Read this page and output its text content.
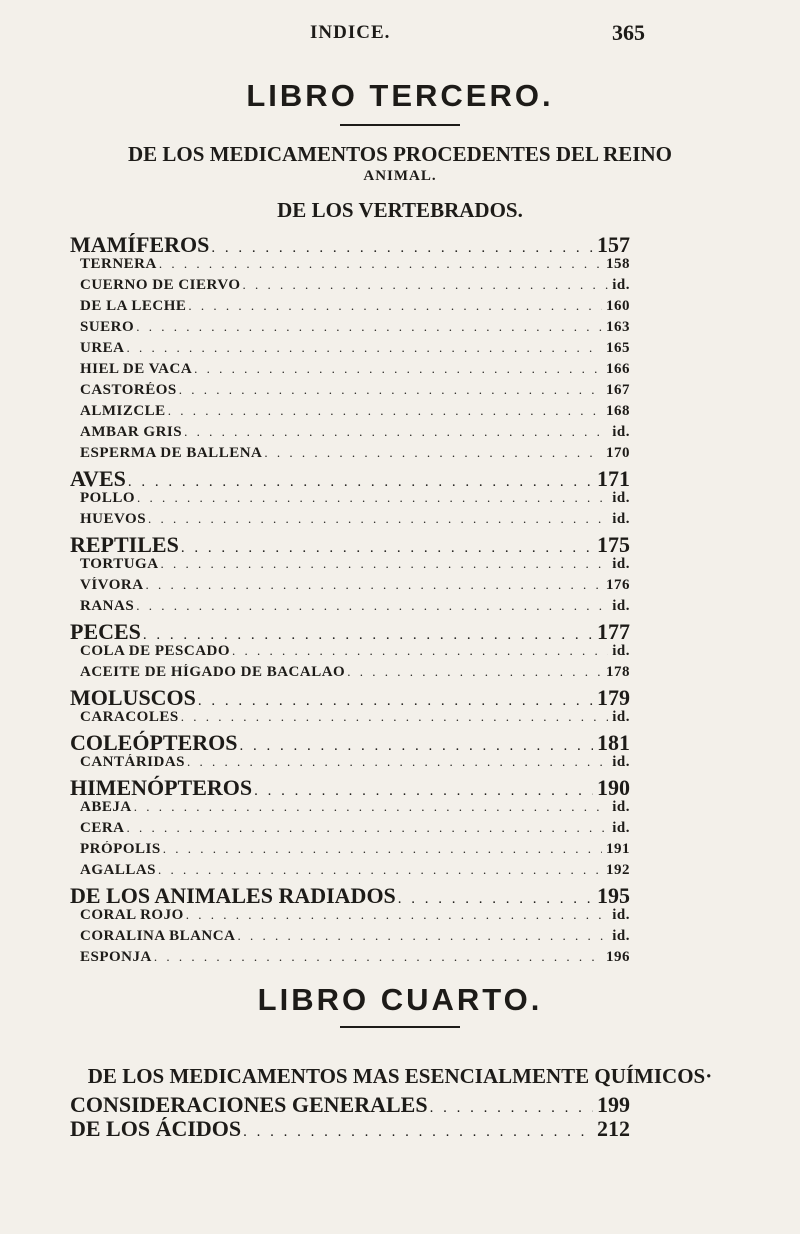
INDICE.	365
LIBRO TERCERO.
DE LOS MEDICAMENTOS PROCEDENTES DEL REINO
ANIMAL.
DE LOS VERTEBRADOS.
MAMÍFEROS . . .	157
TERNERA . . .	158
CUERNO DE CIERVO . . .	id.
DE LA LECHE . . .	160
SUERO . . .	163
UREA . . .	165
HIEL DE VACA . . .	166
CASTORÉOS . . .	167
ALMIZCLE . . .	168
AMBAR GRIS . . .	id.
ESPERMA DE BALLENA . . .	170
AVES . . .	171
POLLO . . .	id.
HUEVOS . . .	id.
REPTILES . . .	175
TORTUGA . . .	id.
VÍVORA . . .	176
RANAS . . .	id.
PECES . . .	177
COLA DE PESCADO . . .	id.
ACEITE DE HÍGADO DE BACALAO . . .	178
MOLUSCOS . . .	179
CARACOLES . . .	id.
COLEÓPTEROS . . .	181
CANTÁRIDAS . . .	id.
HIMENÓPTEROS . . .	190
ABEJA . . .	id.
CERA . . .	id.
PRÓPOLIS . . .	191
AGALLAS . . .	192
DE LOS ANIMALES RADIADOS . . .	195
CORAL ROJO . . .	id.
CORALINA BLANCA . . .	id.
ESPONJA . . .	196
LIBRO CUARTO.
DE LOS MEDICAMENTOS MAS ESENCIALMENTE QUÍMICOS·
CONSIDERACIONES GENERALES . . .	199
DE LOS ÁCIDOS . . .	212
